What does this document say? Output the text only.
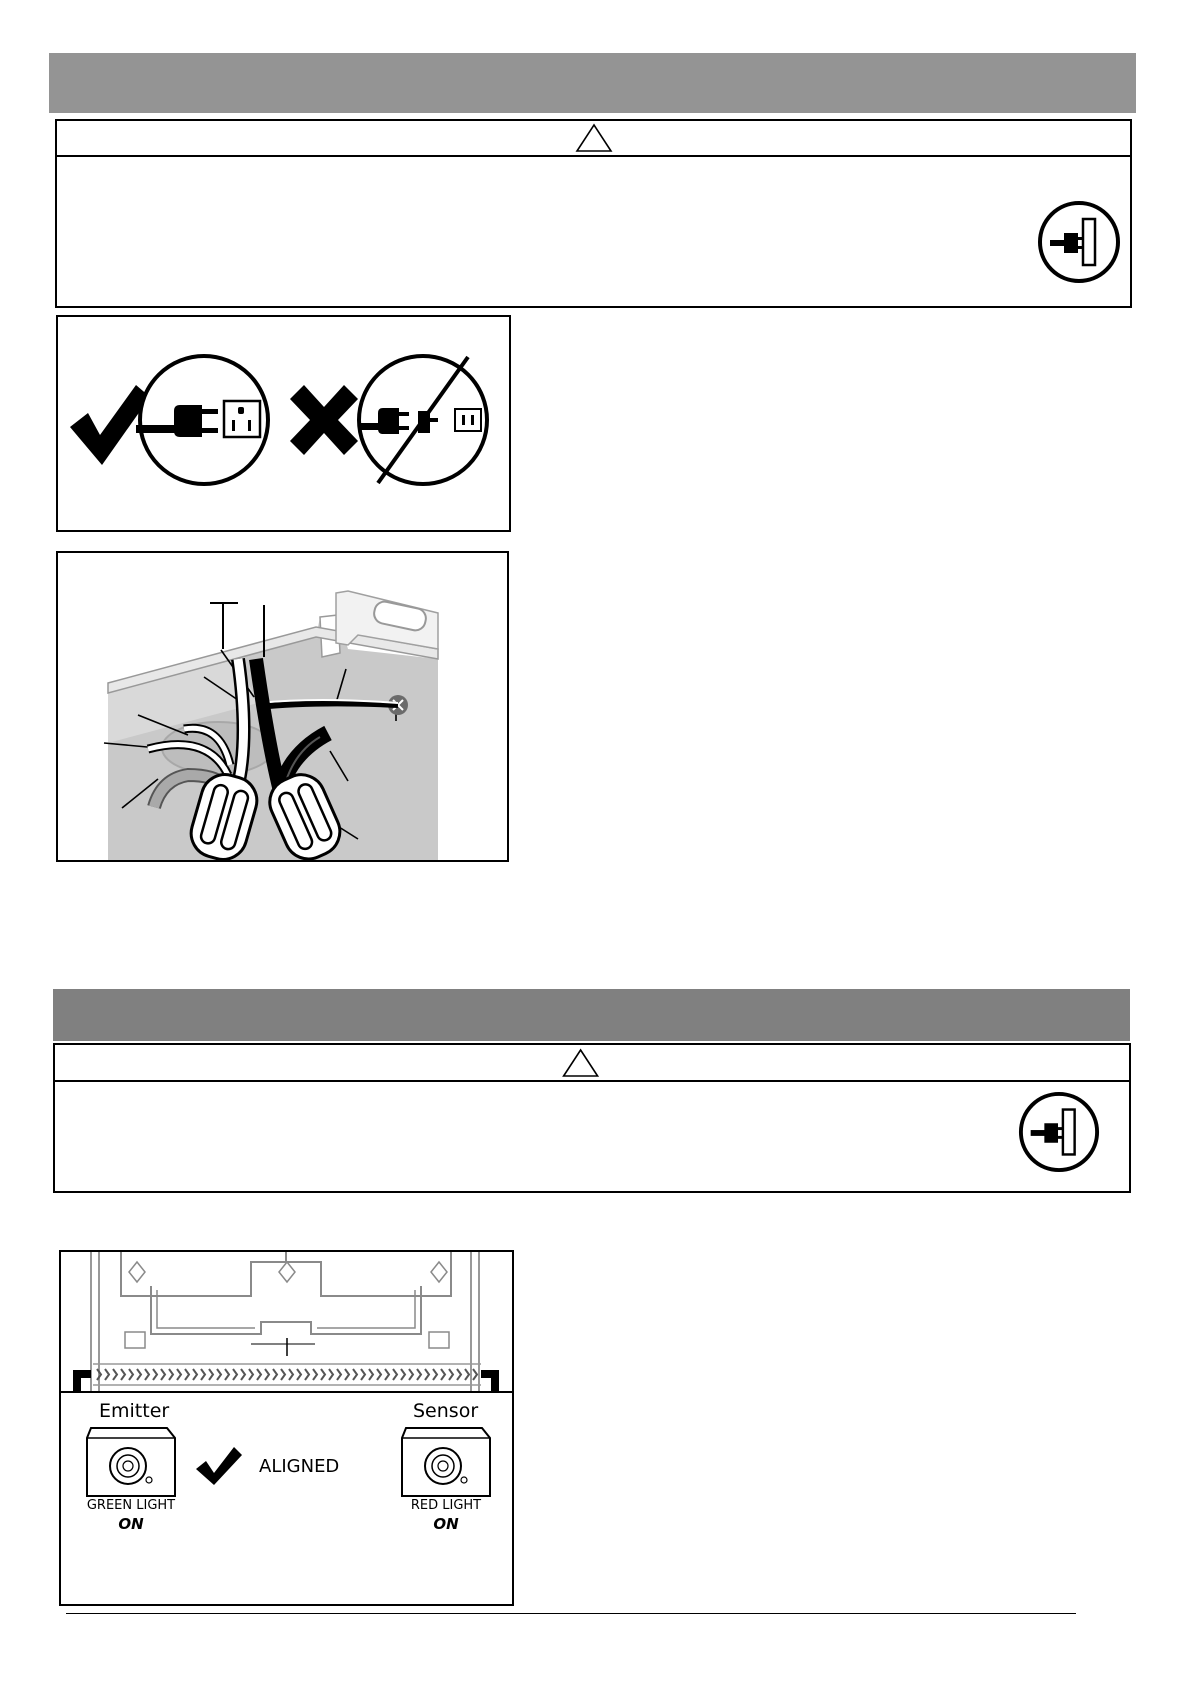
Emitter	Sensor
ALIGNED
GREEN LIGHT
ON
RED LIGHT
ON
